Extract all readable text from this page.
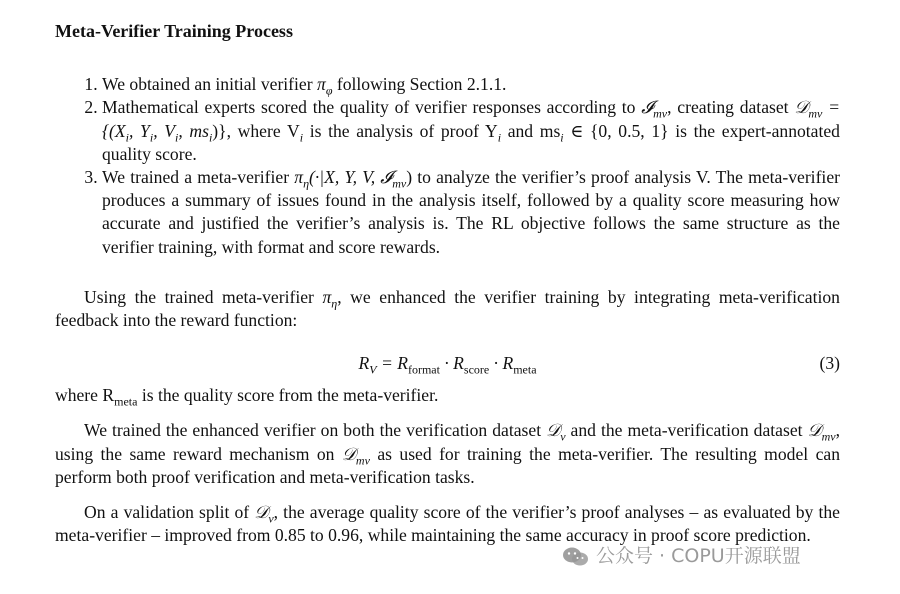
Meta-Verifier Training Process
1. We obtained an initial verifier $\pi_\varphi$ following Section 2.1.1.
2. Mathematical experts scored the quality of verifier responses according to 𝓘$_{mv}$, creating dataset 𝒟$_{mv}$ = {($X_i$, $Y_i$, $V_i$, $ms_i$)}, where $V_i$ is the analysis of proof $Y_i$ and $ms_i$ ∈ {0, 0.5, 1} is the expert-annotated quality score.
3. We trained a meta-verifier $\pi_\eta(\cdot|X$, Y, V, 𝓘$_{mv}$) to analyze the verifier’s proof analysis V. The meta-verifier produces a summary of issues found in the analysis itself, followed by a quality score measuring how accurate and justified the verifier’s analysis is. The RL objective follows the same structure as the verifier training, with format and score rewards.

Using the trained meta-verifier $\pi_\eta$, we enhanced the verifier training by integrating meta-verification feedback into the reward function:

$R_V = R_{format} \cdot R_{score} \cdot R_{meta}$	(3)

where $R_{meta}$ is the quality score from the meta-verifier.

We trained the enhanced verifier on both the verification dataset 𝒟$_v$ and the meta-verification dataset 𝒟$_{mv}$, using the same reward mechanism on 𝒟$_{mv}$ as used for training the meta-verifier. The resulting model can perform both proof verification and meta-verification tasks.

On a validation split of 𝒟$_v$, the average quality score of the verifier’s proof analyses – as evaluated by the meta-verifier – improved from 0.85 to 0.96, while maintaining the same accuracy in proof score prediction.

公众号 · COPU开源联盟
